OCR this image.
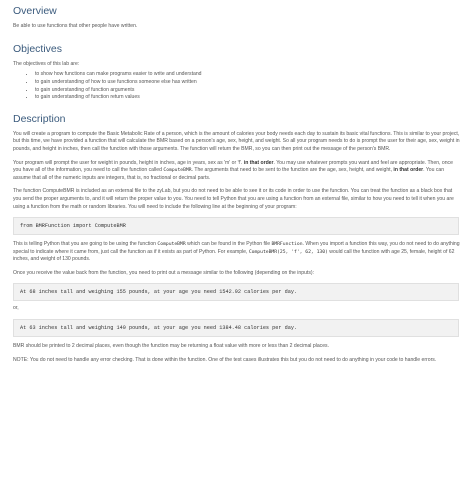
Overview

Be able to use functions that other people have written.

Objectives

The objectives of this lab are:

• to show how functions can make programs easier to write and understand
• to gain understanding of how to use functions someone else has written
• to gain understanding of function arguments
• to gain understanding of function return values
Description

You will create a program to compute the Basic Metabolic Rate of a person, which is the amount of calories your body needs each day to sustain its basic vital functions. This is similar to your project, but this time, we have provided a function that will calculate the BMR based on a person's age, sex, height, and weight. So all your program needs to do is prompt the user for their age, sex, weight in pounds, and height in inches, then call the function with those arguments. The function will return the BMR, so you can then print out the message of the person's BMR.

Your program will prompt the user for weight in pounds, height in inches, age in years, sex as 'm' or 'f'. in that order. You may use whatever prompts you want and feel are appropriate. Then, once you have all of the information, you need to call the function called ComputeBMR. The arguments that need to be sent to the function are the age, sex, height, and weight, in that order. You can assume that all of the numeric inputs are integers, that is, no fractional or decimal parts.

The function ComputeBMR is included as an external file to the zyLab, but you do not need to be able to see it or its code in order to use the function. You can treat the function as a black box that you send the proper arguments to, and it will return the proper value to you. You need to tell Python that you are using a function from an external file, similar to how you need to tell it when you are using a function from the math or random libraries. You will need to include the following line at the beginning of your program:

from BMRFunction import ComputeBMR

This is telling Python that you are going to be using the function ComputeBMR which can be found in the Python file BMRFunction. When you import a function this way, you do not need to do anything special to indicate where it came from, just call the function as if it exists as part of Python. For example, ComputeBMR(25, 'f', 62, 130) would call the function with age 25, female, height of 62 inches, and weight of 130 pounds.

Once you receive the value back from the function, you need to print out a message similar to the following (depending on the inputs):

At 68 inches tall and weighing 155 pounds, at your age you need 1542.92 calories per day.

or,

At 63 inches tall and weighing 140 pounds, at your age you need 1384.48 calories per day.

BMR should be printed to 2 decimal places, even though the function may be returning a float value with more or less than 2 decimal places.

NOTE: You do not need to handle any error checking. That is done within the function. One of the test cases illustrates this but you do not need to do anything in your code to handle errors.
